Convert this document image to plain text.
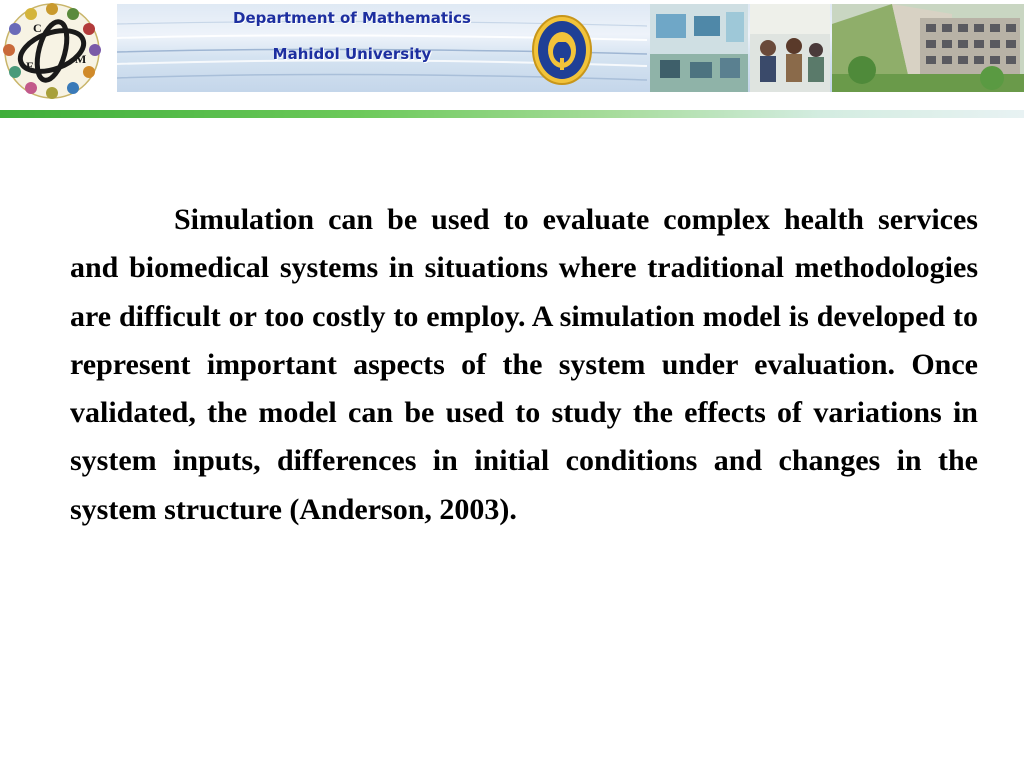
C
E	M
Department of Mathematics
Mahidol University

Simulation can be used to evaluate complex health services and biomedical systems in situations where traditional methodologies are difficult or too costly to employ. A simulation model is developed to represent important aspects of the system under evaluation. Once validated, the model can be used to study the effects of variations in system inputs, differences in initial conditions and changes in the system structure (Anderson, 2003).
